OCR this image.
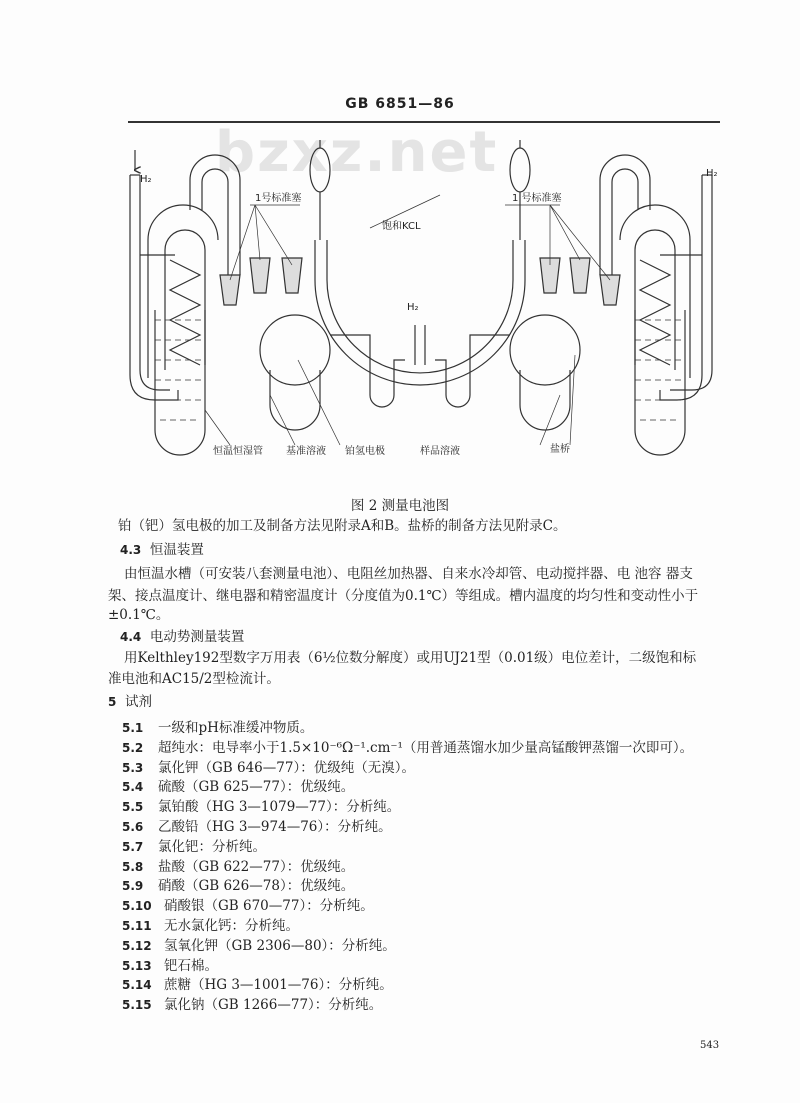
GB 6851—86
bzxz.net
H₂
H₂
H₂
1号标准塞	1 号标准塞
饱和KCL
恒温恒湿管 基准溶液 铂氢电极	样品溶液	盐桥
图 2 测量电池图
铂（钯）氢电极的加工及制备方法见附录A和B。盐桥的制备方法见附录C。
4.3 恒温装置
由恒温水槽（可安装八套测量电池）、电阻丝加热器、自来水冷却管、电动搅拌器、电 池容 器支
架、接点温度计、继电器和精密温度计（分度值为0.1℃）等组成。槽内温度的均匀性和变动性小于
±0.1℃。
4.4 电动势测量装置
用Kelthley192型数字万用表（6½位数分解度）或用UJ21型（0.01级）电位差计，二级饱和标
准电池和AC15/2型检流计。
5 试剂
5.1 一级和pH标准缓冲物质。
5.2 超纯水：电导率小于1.5×10⁻⁶Ω⁻¹.cm⁻¹（用普通蒸馏水加少量高锰酸钾蒸馏一次即可）。
5.3 氯化钾（GB 646—77）：优级纯（无溴）。
5.4 硫酸（GB 625—77）：优级纯。
5.5 氯铂酸（HG 3—1079—77）：分析纯。
5.6 乙酸铅（HG 3—974—76）：分析纯。
5.7 氯化钯：分析纯。
5.8 盐酸（GB 622—77）：优级纯。
5.9 硝酸（GB 626—78）：优级纯。
5.10 硝酸银（GB 670—77）：分析纯。
5.11 无水氯化钙：分析纯。
5.12 氢氧化钾（GB 2306—80）：分析纯。
5.13 钯石棉。
5.14 蔗糖（HG 3—1001—76）：分析纯。
5.15 氯化钠（GB 1266—77）：分析纯。
543
